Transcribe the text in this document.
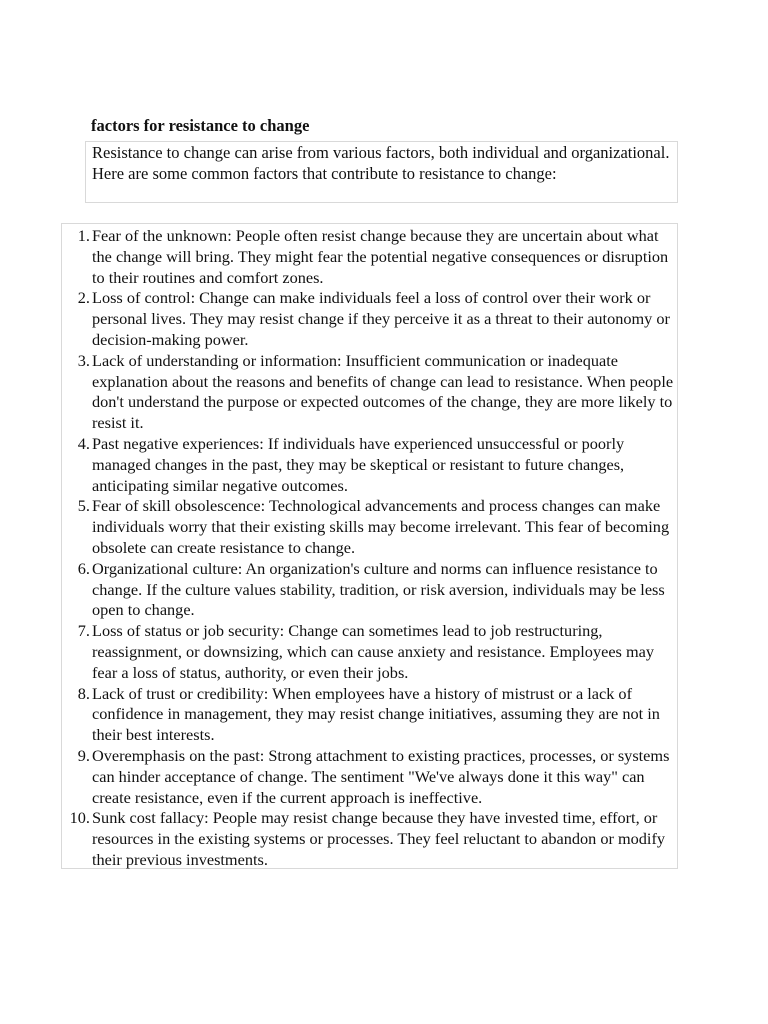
factors for resistance to change
Resistance to change can arise from various factors, both individual and organizational. Here are some common factors that contribute to resistance to change:
1. Fear of the unknown: People often resist change because they are uncertain about what the change will bring. They might fear the potential negative consequences or disruption to their routines and comfort zones.
2. Loss of control: Change can make individuals feel a loss of control over their work or personal lives. They may resist change if they perceive it as a threat to their autonomy or decision-making power.
3. Lack of understanding or information: Insufficient communication or inadequate explanation about the reasons and benefits of change can lead to resistance. When people don't understand the purpose or expected outcomes of the change, they are more likely to resist it.
4. Past negative experiences: If individuals have experienced unsuccessful or poorly managed changes in the past, they may be skeptical or resistant to future changes, anticipating similar negative outcomes.
5. Fear of skill obsolescence: Technological advancements and process changes can make individuals worry that their existing skills may become irrelevant. This fear of becoming obsolete can create resistance to change.
6. Organizational culture: An organization's culture and norms can influence resistance to change. If the culture values stability, tradition, or risk aversion, individuals may be less open to change.
7. Loss of status or job security: Change can sometimes lead to job restructuring, reassignment, or downsizing, which can cause anxiety and resistance. Employees may fear a loss of status, authority, or even their jobs.
8. Lack of trust or credibility: When employees have a history of mistrust or a lack of confidence in management, they may resist change initiatives, assuming they are not in their best interests.
9. Overemphasis on the past: Strong attachment to existing practices, processes, or systems can hinder acceptance of change. The sentiment "We've always done it this way" can create resistance, even if the current approach is ineffective.
10. Sunk cost fallacy: People may resist change because they have invested time, effort, or resources in the existing systems or processes. They feel reluctant to abandon or modify their previous investments.
